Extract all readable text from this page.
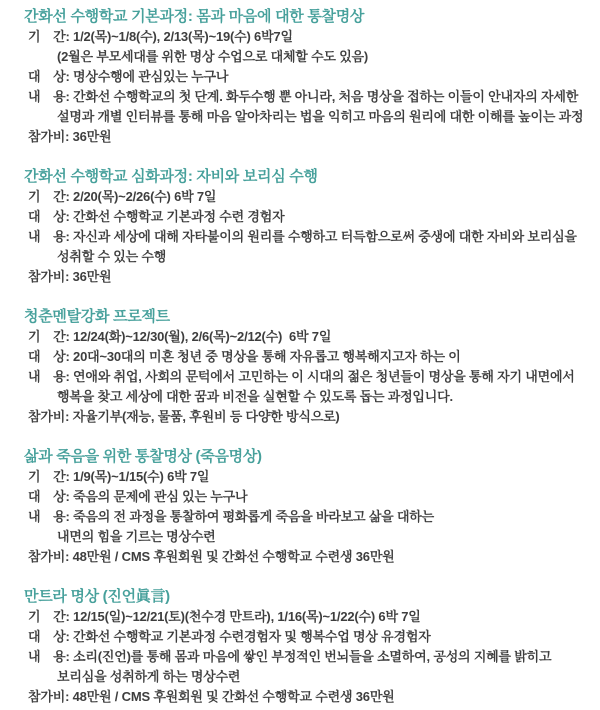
간화선 수행학교 기본과정: 몸과 마음에 대한 통찰명상
기　간: 1/2(목)~1/8(수), 2/13(목)~19(수) 6박7일
(2월은 부모세대를 위한 명상 수업으로 대체할 수도 있음)
대　상: 명상수행에 관심있는 누구나
내　용: 간화선 수행학교의 첫 단계. 화두수행 뿐 아니라, 처음 명상을 접하는 이들이 안내자의 자세한
설명과 개별 인터뷰를 통해 마음 알아차리는 법을 익히고 마음의 원리에 대한 이해를 높이는 과정
참가비: 36만원
간화선 수행학교 심화과정: 자비와 보리심 수행
기　간: 2/20(목)~2/26(수) 6박 7일
대　상: 간화선 수행학교 기본과정 수련 경험자
내　용: 자신과 세상에 대해 자타불이의 원리를 수행하고 터득함으로써 중생에 대한 자비와 보리심을
성취할 수 있는 수행
참가비: 36만원
청춘멘탈강화 프로젝트
기　간: 12/24(화)~12/30(월), 2/6(목)~2/12(수)  6박 7일
대　상: 20대~30대의 미혼 청년 중 명상을 통해 자유롭고 행복해지고자 하는 이
내　용: 연애와 취업, 사회의 문턱에서 고민하는 이 시대의 젊은 청년들이 명상을 통해 자기 내면에서
행복을 찾고 세상에 대한 꿈과 비전을 실현할 수 있도록 돕는 과정입니다.
참가비: 자율기부(재능, 물품, 후원비 등 다양한 방식으로)
삶과 죽음을 위한 통찰명상 (죽음명상)
기　간: 1/9(목)~1/15(수) 6박 7일
대　상: 죽음의 문제에 관심 있는 누구나
내　용: 죽음의 전 과정을 통찰하여 평화롭게 죽음을 바라보고 삶을 대하는
내면의 힘을 기르는 명상수련
참가비: 48만원 / CMS 후원회원 및 간화선 수행학교 수련생 36만원
만트라 명상 (진언眞言)
기　간: 12/15(일)~12/21(토)(천수경 만트라), 1/16(목)~1/22(수) 6박 7일
대　상: 간화선 수행학교 기본과정 수련경험자 및 행복수업 명상 유경험자
내　용: 소리(진언)를 통해 몸과 마음에 쌓인 부정적인 번뇌들을 소멸하여, 공성의 지혜를 밝히고
보리심을 성취하게 하는 명상수련
참가비: 48만원 / CMS 후원회원 및 간화선 수행학교 수련생 36만원
